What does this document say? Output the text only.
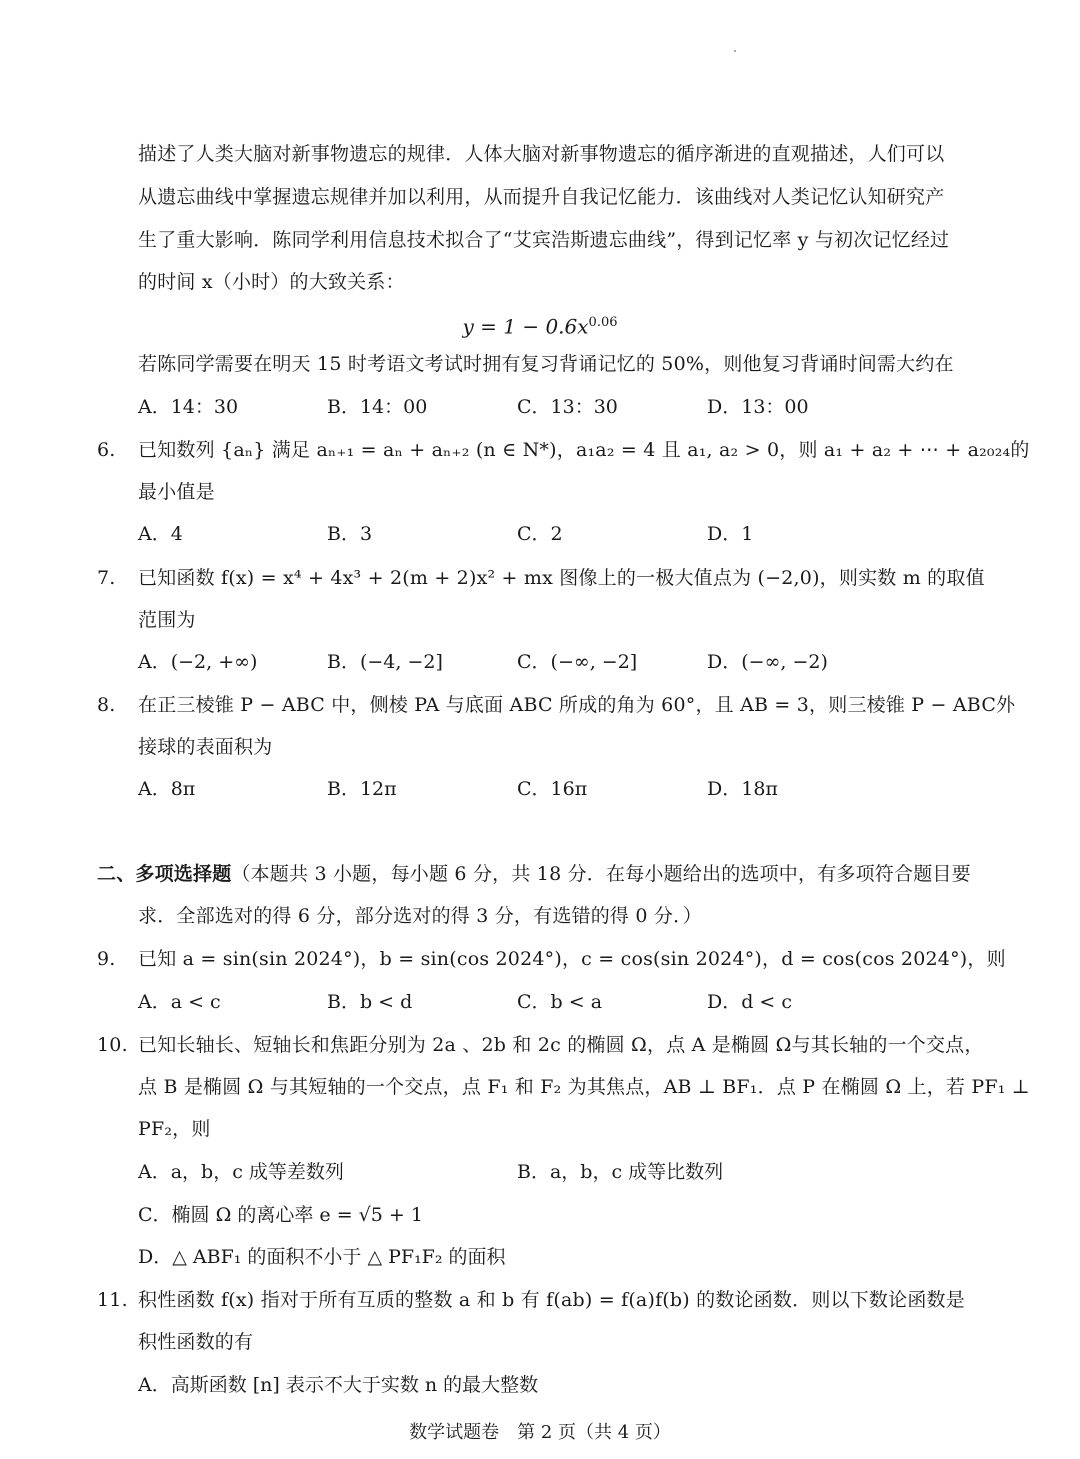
描述了人类大脑对新事物遗忘的规律．人体大脑对新事物遗忘的循序渐进的直观描述，人们可以
从遗忘曲线中掌握遗忘规律并加以利用，从而提升自我记忆能力．该曲线对人类记忆认知研究产
生了重大影响．陈同学利用信息技术拟合了“艾宾浩斯遗忘曲线”，得到记忆率 y 与初次记忆经过
的时间 x（小时）的大致关系：
$y = 1 - 0.6x^{0.06}$
若陈同学需要在明天 15 时考语文考试时拥有复习背诵记忆的 50%，则他复习背诵时间需大约在
A．14：30	B．14：00	C．13：30	D．13：00
6. 已知数列 {aₙ} 满足 aₙ₊₁ = aₙ + aₙ₊₂ (n ∈ N*)，a₁a₂ = 4 且 a₁, a₂ > 0，则 a₁ + a₂ + ⋯ + a₂₀₂₄的
最小值是
A．4	B．3	C．2	D．1
7. 已知函数 f(x) = x⁴ + 4x³ + 2(m + 2)x² + mx 图像上的一极大值点为 (−2,0)，则实数 m 的取值
范围为
A．(−2, +∞)	B．(−4, −2]	C．(−∞, −2]	D．(−∞, −2)
8. 在正三棱锥 P − ABC 中，侧棱 PA 与底面 ABC 所成的角为 60°，且 AB = 3，则三棱锥 P − ABC外
接球的表面积为
A．8π	B．12π	C．16π	D．18π
二、多项选择题（本题共 3 小题，每小题 6 分，共 18 分．在每小题给出的选项中，有多项符合题目要
求．全部选对的得 6 分，部分选对的得 3 分，有选错的得 0 分．）
9. 已知 a = sin(sin 2024°)，b = sin(cos 2024°)，c = cos(sin 2024°)，d = cos(cos 2024°)，则
A．a < c	B．b < d	C．b < a	D．d < c
10. 已知长轴长、短轴长和焦距分别为 2a 、2b 和 2c 的椭圆 Ω，点 A 是椭圆 Ω与其长轴的一个交点，
点 B 是椭圆 Ω 与其短轴的一个交点，点 F₁ 和 F₂ 为其焦点，AB ⊥ BF₁．点 P 在椭圆 Ω 上，若 PF₁ ⊥
PF₂，则
A．a，b，c 成等差数列	B．a，b，c 成等比数列
C．椭圆 Ω 的离心率 e = √5 + 1
D．△ ABF₁ 的面积不小于 △ PF₁F₂ 的面积
11. 积性函数 f(x) 指对于所有互质的整数 a 和 b 有 f(ab) = f(a)f(b) 的数论函数．则以下数论函数是
积性函数的有
A．高斯函数 [n] 表示不大于实数 n 的最大整数
数学试题卷　第 2 页（共 4 页）
